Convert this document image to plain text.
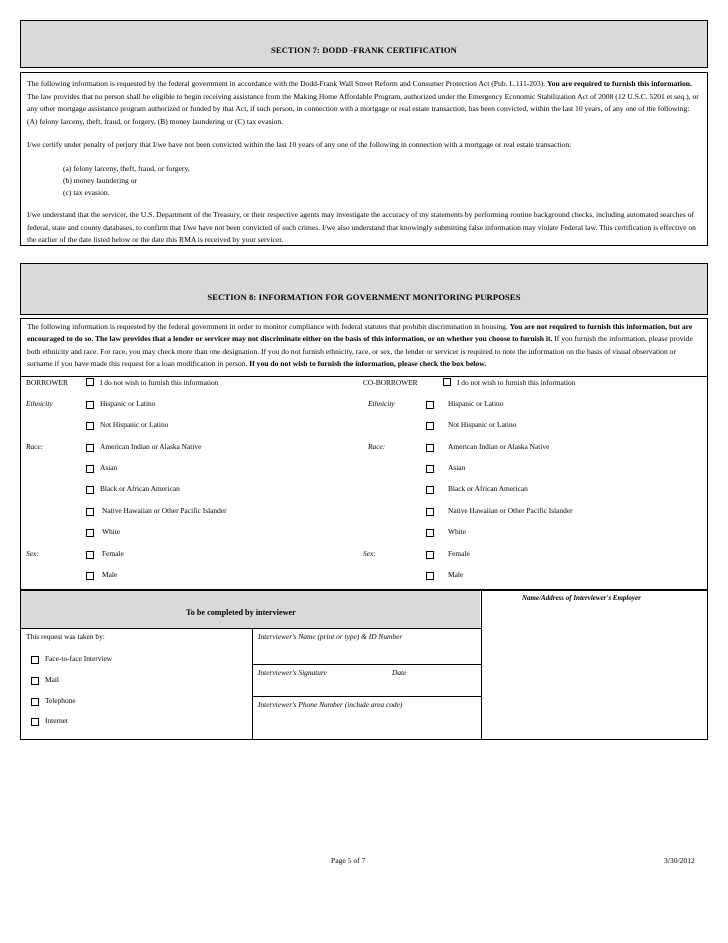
SECTION 7: DODD -FRANK CERTIFICATION
The following information is requested by the federal government in accordance with the Dodd-Frank Wall Street Reform and Consumer Protection Act (Pub. L.111-203). You are required to furnish this information. The law provides that no person shall be eligible to begin receiving assistance from the Making Home Affordable Program, authorized under the Emergency Economic Stabilization Act of 2008 (12 U.S.C. 5201 et seq.), or any other mortgage assistance program authorized or funded by that Act, if such person, in connection with a mortgage or real estate transaction, has been convicted, within the last 10 years, of any one of the following: (A) felony larceny, theft, fraud, or forgery, (B) money laundering or (C) tax evasion.
I/we certify under penalty of perjury that I/we have not been convicted within the last 10 years of any one of the following in connection with a mortgage or real estate transaction:
(a) felony larceny, theft, fraud, or forgery,
(b) money laundering or
(c) tax evasion.
I/we understand that the servicer, the U.S. Department of the Treasury, or their respective agents may investigate the accuracy of my statements by performing routine background checks, including automated searches of federal, state and county databases, to confirm that I/we have not been convicted of such crimes. I/we also understand that knowingly submitting false information may violate Federal law. This certification is effective on the earlier of the date listed below or the date this RMA is received by your servicer.
SECTION 8: INFORMATION FOR GOVERNMENT MONITORING PURPOSES
The following information is requested by the federal government in order to monitor compliance with federal statutes that prohibit discrimination in housing. You are not required to furnish this information, but are encouraged to do so. The law provides that a lender or servicer may not discriminate either on the basis of this information, or on whether you choose to furnish it. If you furnish the information, please provide both ethnicity and race. For race, you may check more than one designation. If you do not furnish ethnicity, race, or sex, the lender or servicer is required to note the information on the basis of visual observation or surname if you have made this request for a loan modification in person. If you do not wish to furnish the information, please check the box below.
BORROWER	I do not wish to furnish this information	CO-BORROWER	I do not wish to furnish this information
Ethnicity	Ethnicity
Hispanic or Latino	Hispanic or Latino
Not Hispanic or Latino	Not Hispanic or Latino
Race:	Race:
American Indian or Alaska Native	American Indian or Alaska Native
Asian	Asian
Black or African American	Black or African American
Native Hawaiian or Other Pacific Islander	Native Hawaiian or Other Pacific Islander
White	White
Sex:	Sex:
Female	Female
Male	Male
To be completed by interviewer
Name/Address of Interviewer's Employer
This request was taken by:
Face-to-face Interview
Mail
Telephone
Internet
Interviewer's Name (print or type) & ID Number
Interviewer's Signature	Date
Interviewer's Phone Number (include area code)
Page 5 of 7	3/30/2012
